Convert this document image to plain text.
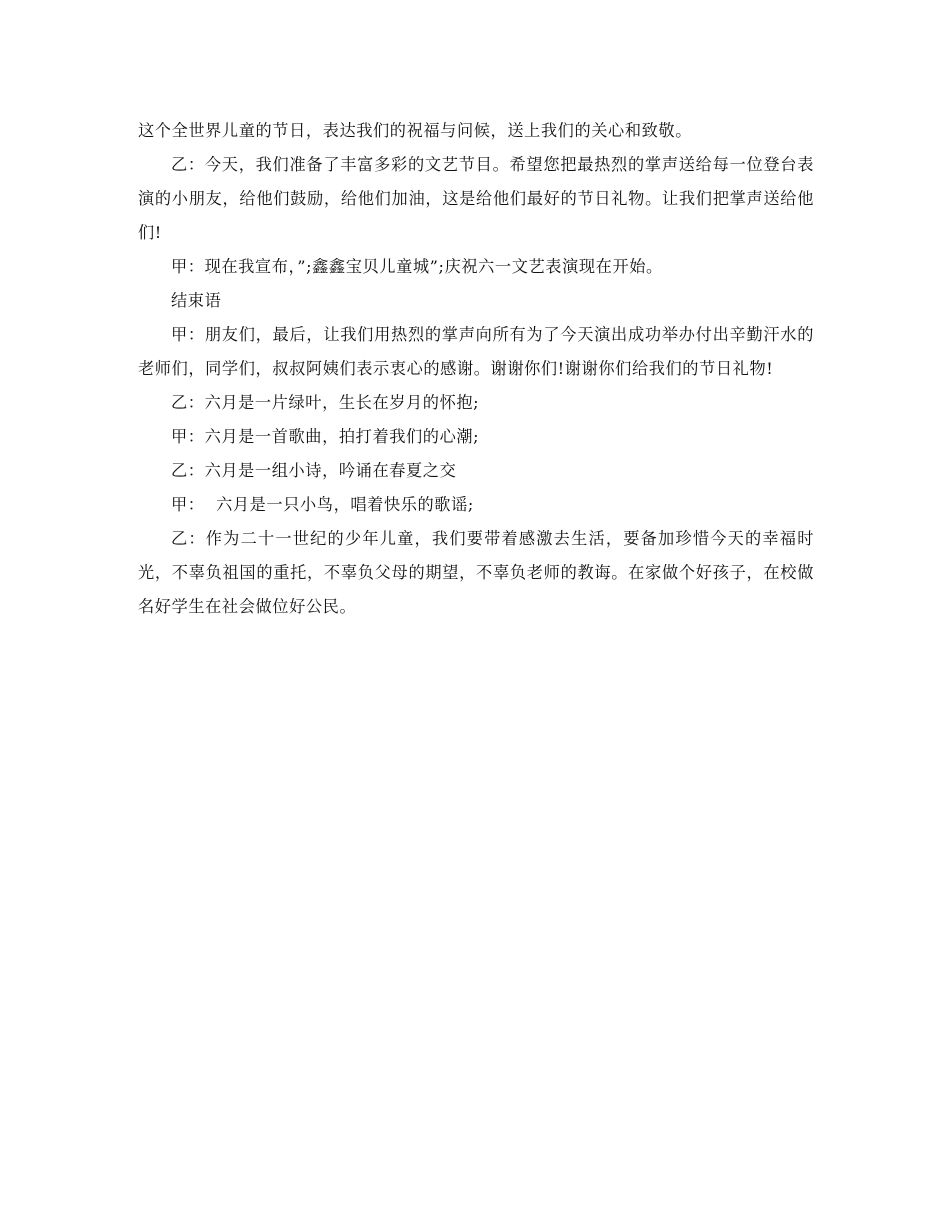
这个全世界儿童的节日，表达我们的祝福与问候，送上我们的关心和致敬。

乙：今天，我们准备了丰富多彩的文艺节目。希望您把最热烈的掌声送给每一位登台表演的小朋友，给他们鼓励，给他们加油，这是给他们最好的节日礼物。让我们把掌声送给他们!

甲：现在我宣布，”;鑫鑫宝贝儿童城”;庆祝六一文艺表演现在开始。

结束语

甲：朋友们，最后，让我们用热烈的掌声向所有为了今天演出成功举办付出辛勤汗水的老师们，同学们，叔叔阿姨们表示衷心的感谢。谢谢你们!谢谢你们给我们的节日礼物!

乙：六月是一片绿叶，生长在岁月的怀抱;

甲：六月是一首歌曲，拍打着我们的心潮;

乙：六月是一组小诗，吟诵在春夏之交

甲：  六月是一只小鸟，唱着快乐的歌谣;

乙：作为二十一世纪的少年儿童，我们要带着感激去生活，要备加珍惜今天的幸福时光，不辜负祖国的重托，不辜负父母的期望，不辜负老师的教诲。在家做个好孩子，在校做名好学生在社会做位好公民。
